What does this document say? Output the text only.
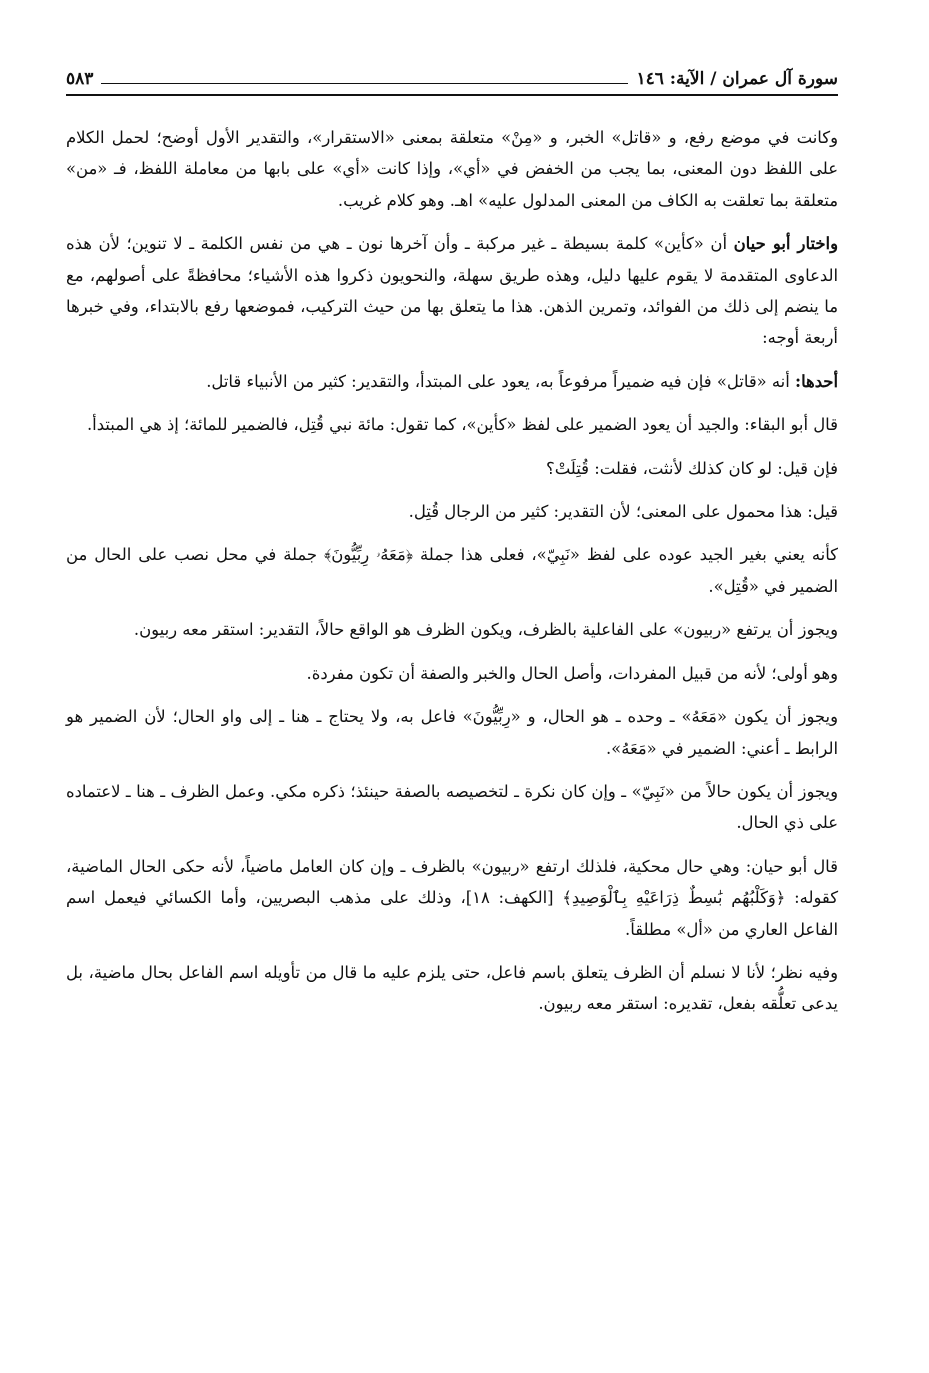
سورة آل عمران / الآية: ١٤٦
٥٨٣

وكانت في موضع رفع، و «قاتل» الخبر، و «مِنْ» متعلقة بمعنى «الاستقرار»، والتقدير الأول أوضح؛ لحمل الكلام على اللفظ دون المعنى، بما يجب من الخفض في «أي»، وإذا كانت «أي» على بابها من معاملة اللفظ، فـ «من» متعلقة بما تعلقت به الكاف من المعنى المدلول عليه» اهـ. وهو كلام غريب.

واختار أبو حيان أن «كأين» كلمة بسيطة ـ غير مركبة ـ وأن آخرها نون ـ هي من نفس الكلمة ـ لا تنوين؛ لأن هذه الدعاوى المتقدمة لا يقوم عليها دليل، وهذه طريق سهلة، والنحويون ذكروا هذه الأشياء؛ محافظةً على أصولهم، مع ما ينضم إلى ذلك من الفوائد، وتمرين الذهن. هذا ما يتعلق بها من حيث التركيب، فموضعها رفع بالابتداء، وفي خبرها أربعة أوجه:

أحدها: أنه «قاتل» فإن فيه ضميراً مرفوعاً به، يعود على المبتدأ، والتقدير: كثير من الأنبياء قاتل.

قال أبو البقاء: والجيد أن يعود الضمير على لفظ «كأين»، كما تقول: مائة نبي قُتِل، فالضمير للمائة؛ إذ هي المبتدأ.

فإن قيل: لو كان كذلك لأنثت، فقلت: قُتِلَتْ؟

قيل: هذا محمول على المعنى؛ لأن التقدير: كثير من الرجال قُتِل.

كأنه يعني بغير الجيد عوده على لفظ «نَبِيّ»، فعلى هذا جملة ﴿مَعَهُۥ رِبِّيُّونَ﴾ جملة في محل نصب على الحال من الضمير في «قُتِل».

ويجوز أن يرتفع «ربيون» على الفاعلية بالظرف، ويكون الظرف هو الواقع حالاً، التقدير: استقر معه ربيون.

وهو أولى؛ لأنه من قبيل المفردات، وأصل الحال والخبر والصفة أن تكون مفردة.

ويجوز أن يكون «مَعَهُ» ـ وحده ـ هو الحال، و «رِبِّيُّونَ» فاعل به، ولا يحتاج ـ هنا ـ إلى واو الحال؛ لأن الضمير هو الرابط ـ أعني: الضمير في «مَعَهُ».

ويجوز أن يكون حالاً من «نَبِيّ» ـ وإن كان نكرة ـ لتخصيصه بالصفة حينئذ؛ ذكره مكي. وعمل الظرف ـ هنا ـ لاعتماده على ذي الحال.

قال أبو حيان: وهي حال محكية، فلذلك ارتفع «ربيون» بالظرف ـ وإن كان العامل ماضياً، لأنه حكى الحال الماضية، كقوله: ﴿وَكَلْبُهُم بَٰسِطٌ ذِرَاعَيْهِ بِٱلْوَصِيدِ﴾ [الكهف: ١٨]، وذلك على مذهب البصريين، وأما الكسائي فيعمل اسم الفاعل العاري من «أل» مطلقاً.

وفيه نظر؛ لأنا لا نسلم أن الظرف يتعلق باسم فاعل، حتى يلزم عليه ما قال من تأويله اسم الفاعل بحال ماضية، بل يدعى تعلُّقه بفعل، تقديره: استقر معه ربيون.
